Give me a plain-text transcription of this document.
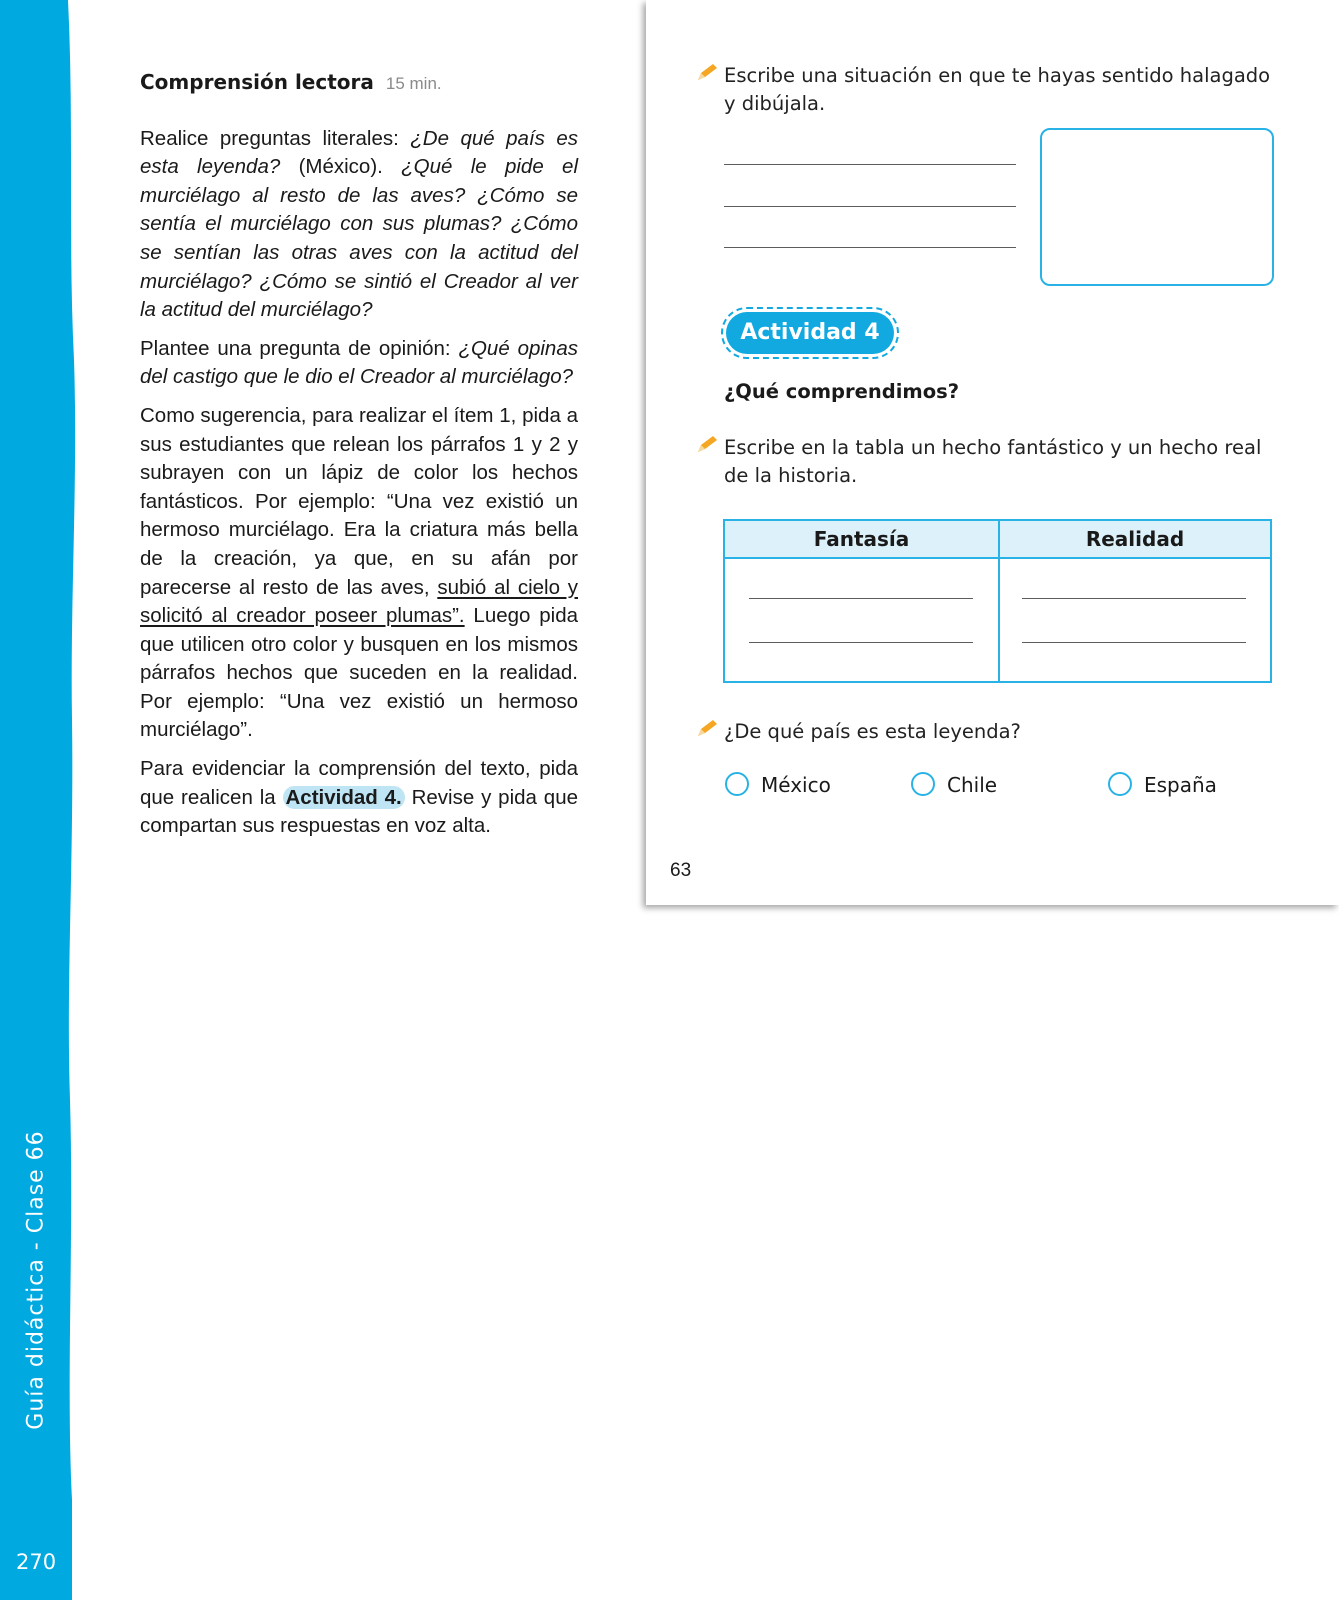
Guía didáctica - Clase 66
270
Comprensión lectora 15 min.

Realice preguntas literales: ¿De qué país es esta leyenda? (México). ¿Qué le pide el murciélago al resto de las aves? ¿Cómo se sentía el murciélago con sus plumas? ¿Cómo se sentían las otras aves con la actitud del murciélago? ¿Cómo se sintió el Creador al ver la actitud del murciélago?

Plantee una pregunta de opinión: ¿Qué opinas del castigo que le dio el Creador al murciélago?

Como sugerencia, para realizar el ítem 1, pida a sus estudiantes que relean los párrafos 1 y 2 y subrayen con un lápiz de color los hechos fantásticos. Por ejemplo: “Una vez existió un hermoso murciélago. Era la criatura más bella de la creación, ya que, en su afán por parecerse al resto de las aves, subió al cielo y solicitó al creador poseer plumas”. Luego pida que utilicen otro color y busquen en los mismos párrafos hechos que suceden en la realidad. Por ejemplo: “Una vez existió un hermoso murciélago”.

Para evidenciar la comprensión del texto, pida que realicen la Actividad 4. Revise y pida que compartan sus respuestas en voz alta.

Escribe una situación en que te hayas sentido halagado y dibújala.
Actividad 4
¿Qué comprendimos?
Escribe en la tabla un hecho fantástico y un hecho real de la historia.
Fantasía	Realidad
¿De qué país es esta leyenda?
México	Chile	España
63
